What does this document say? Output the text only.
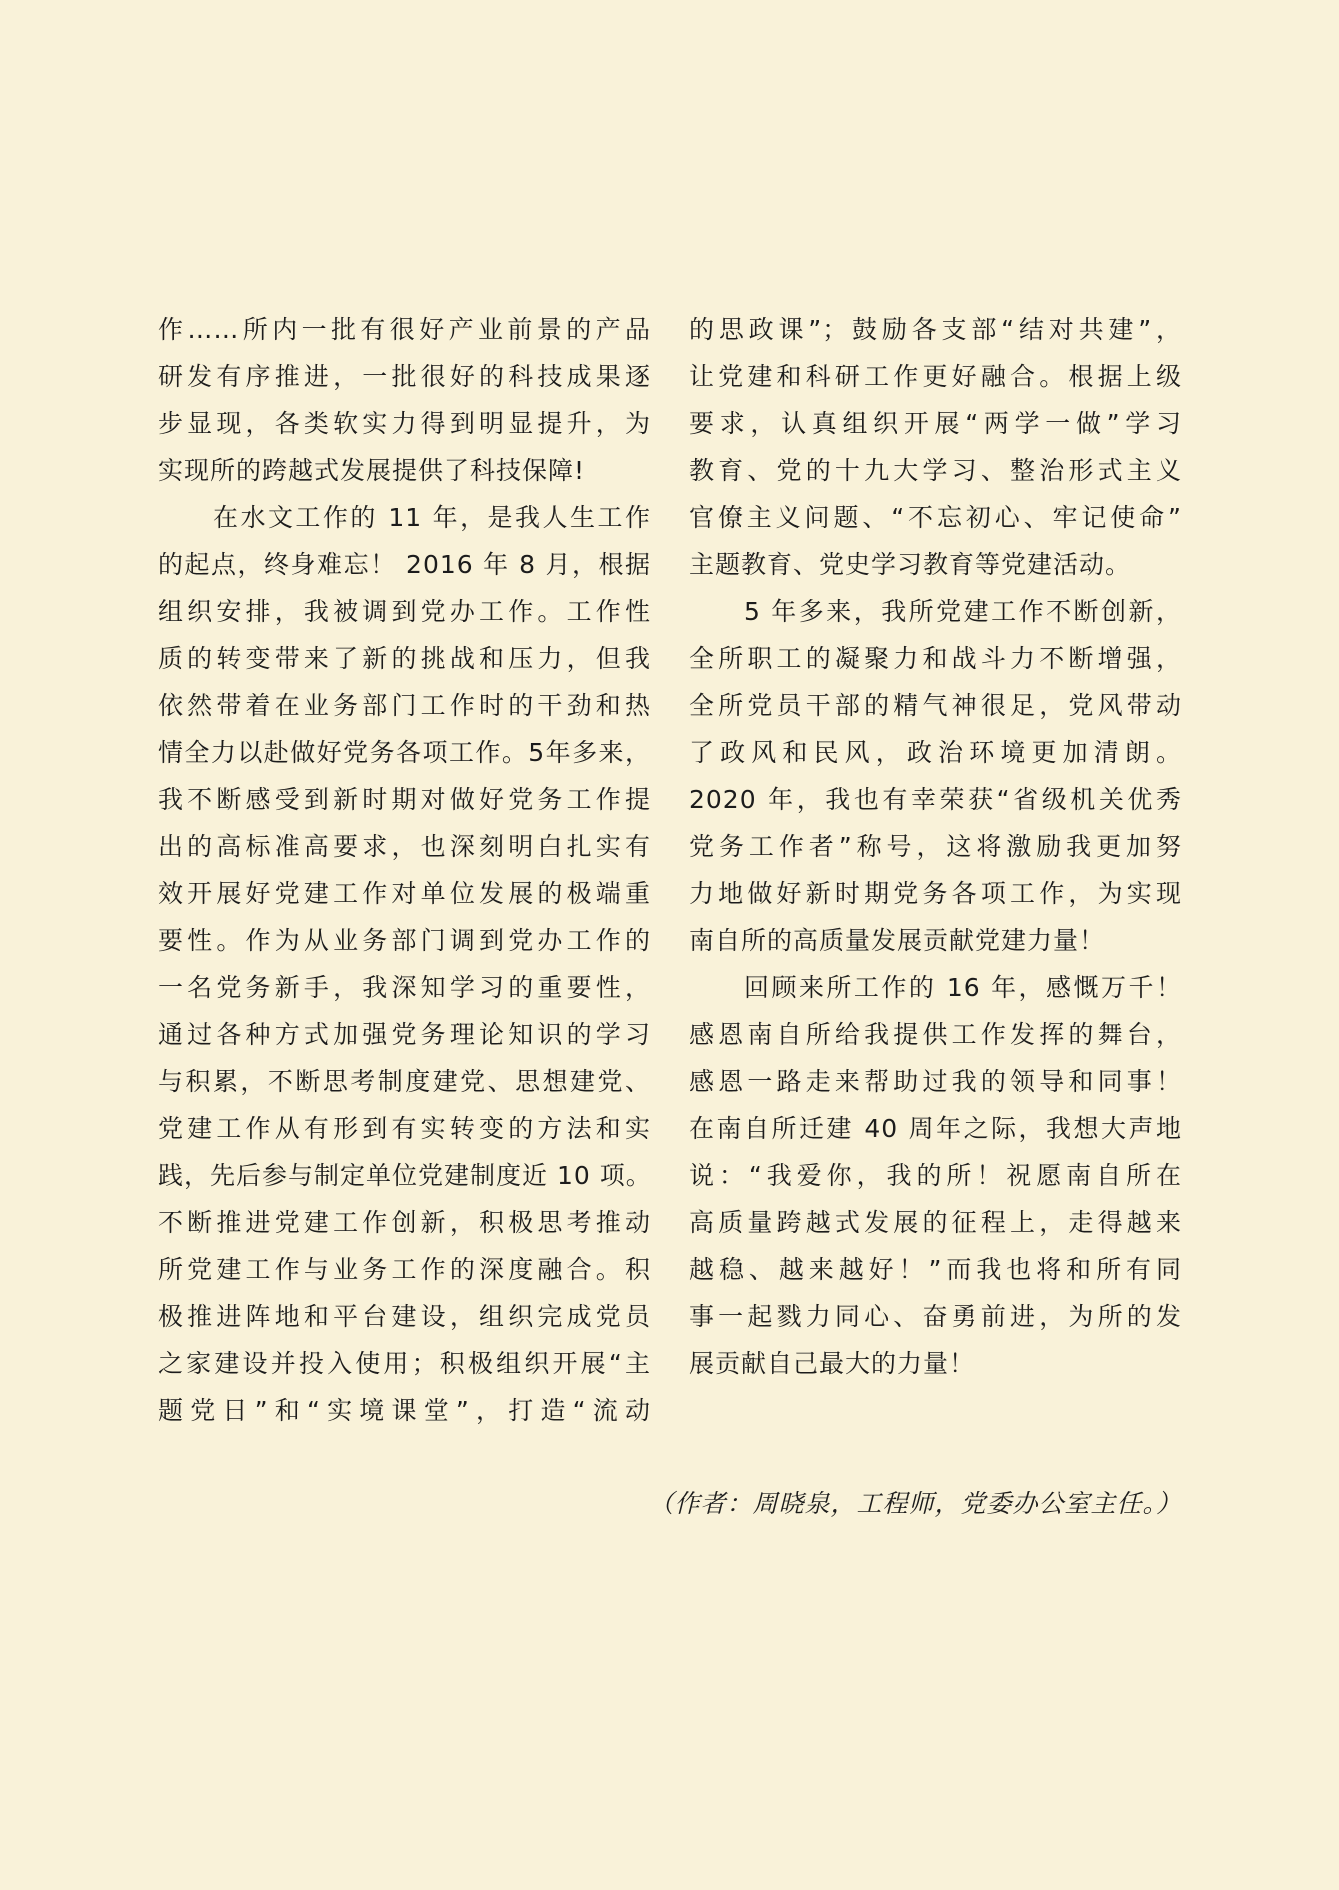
作……所内一批有很好产业前景的产品
研发有序推进，一批很好的科技成果逐
步显现，各类软实力得到明显提升，为
实现所的跨越式发展提供了科技保障!
　　在水文工作的 11 年，是我人生工作
的起点，终身难忘！ 2016 年 8 月，根据
组织安排，我被调到党办工作。工作性
质的转变带来了新的挑战和压力，但我
依然带着在业务部门工作时的干劲和热
情全力以赴做好党务各项工作。5年多来，
我不断感受到新时期对做好党务工作提
出的高标准高要求，也深刻明白扎实有
效开展好党建工作对单位发展的极端重
要性。作为从业务部门调到党办工作的
一名党务新手，我深知学习的重要性，
通过各种方式加强党务理论知识的学习
与积累，不断思考制度建党、思想建党、
党建工作从有形到有实转变的方法和实
践，先后参与制定单位党建制度近 10 项。
不断推进党建工作创新，积极思考推动
所党建工作与业务工作的深度融合。积
极推进阵地和平台建设，组织完成党员
之家建设并投入使用；积极组织开展“主
题党日”和“实境课堂”，打造“流动
的思政课”；鼓励各支部“结对共建”，
让党建和科研工作更好融合。根据上级
要求，认真组织开展“两学一做”学习
教育、党的十九大学习、整治形式主义
官僚主义问题、“不忘初心、牢记使命”
主题教育、党史学习教育等党建活动。
　　5 年多来，我所党建工作不断创新，
全所职工的凝聚力和战斗力不断增强，
全所党员干部的精气神很足，党风带动
了政风和民风，政治环境更加清朗。
2020 年，我也有幸荣获“省级机关优秀
党务工作者”称号，这将激励我更加努
力地做好新时期党务各项工作，为实现
南自所的高质量发展贡献党建力量！
　　回顾来所工作的 16 年，感慨万千！
感恩南自所给我提供工作发挥的舞台，
感恩一路走来帮助过我的领导和同事！
在南自所迁建 40 周年之际，我想大声地
说：“我爱你，我的所！祝愿南自所在
高质量跨越式发展的征程上，走得越来
越稳、越来越好！”而我也将和所有同
事一起戮力同心、奋勇前进，为所的发
展贡献自己最大的力量！
（作者：周晓泉，工程师，党委办公室主任。）
